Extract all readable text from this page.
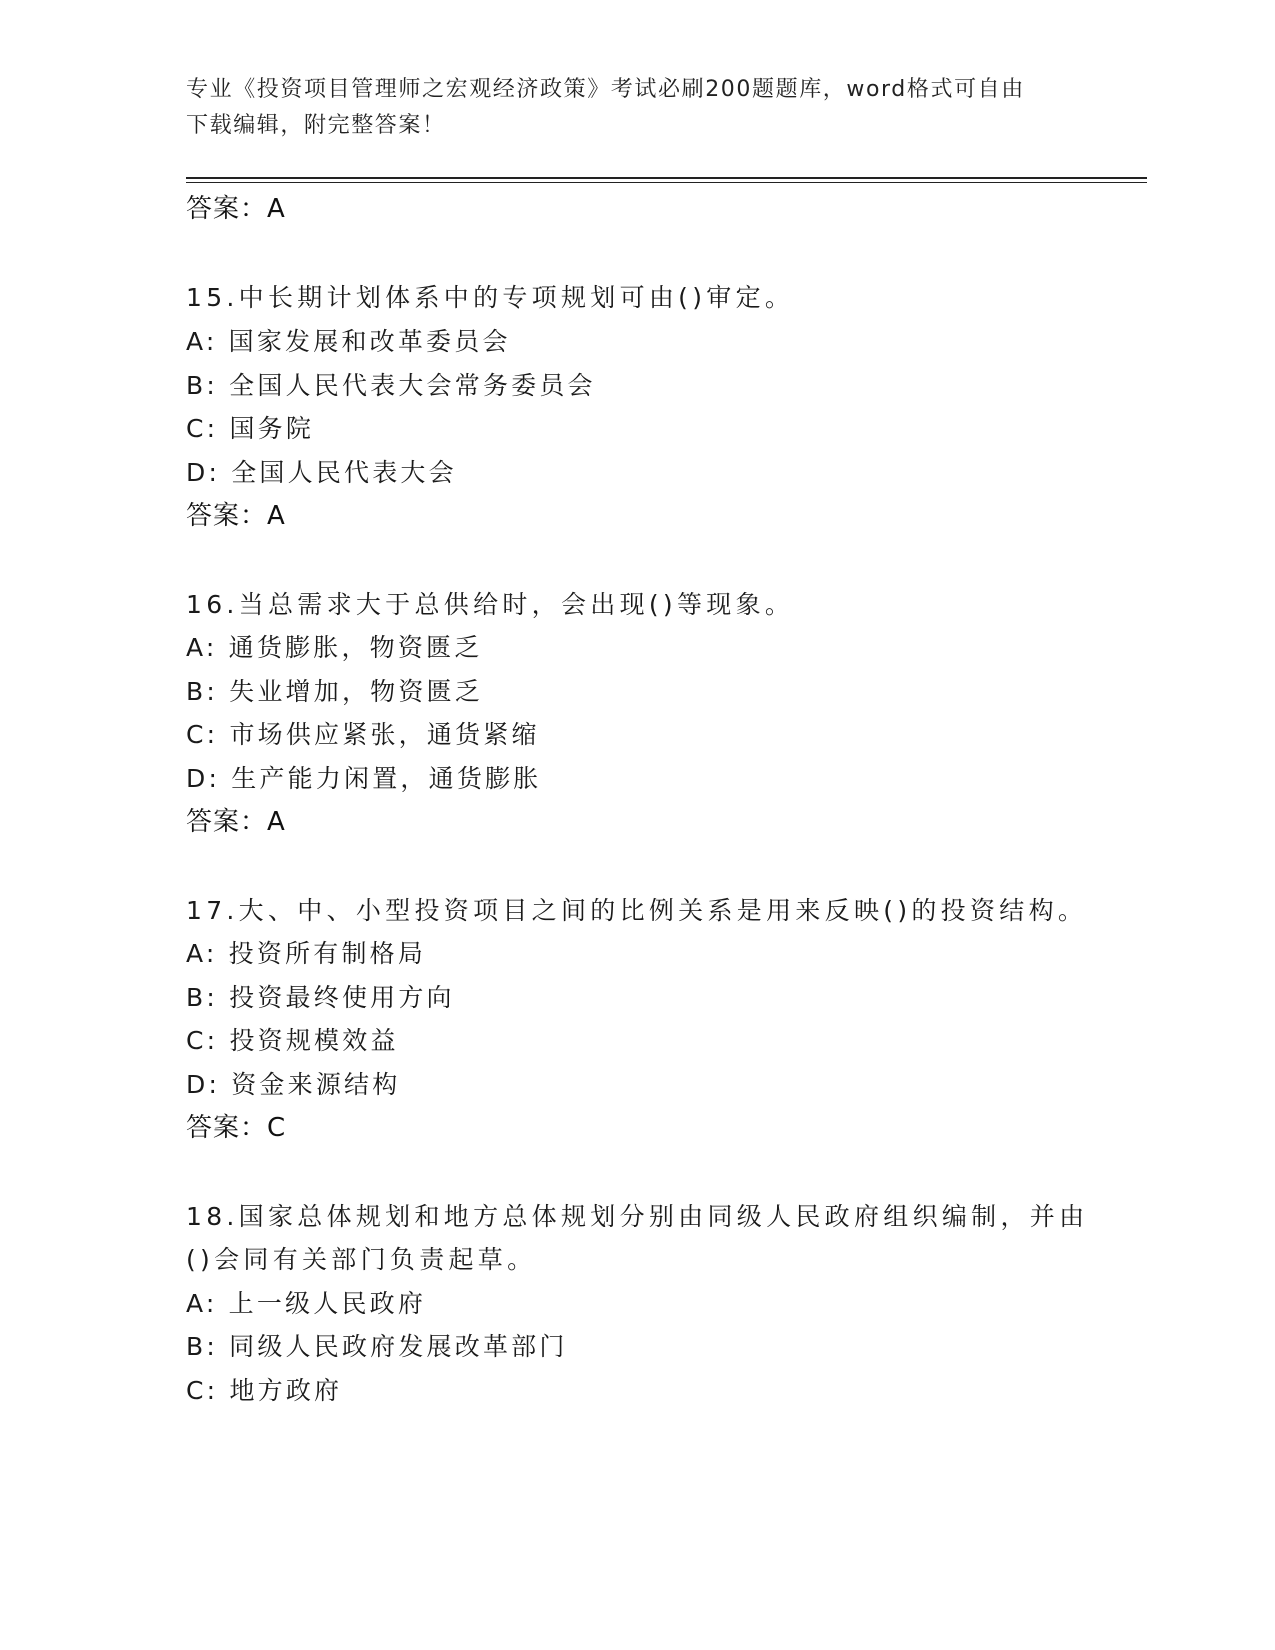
专业《投资项目管理师之宏观经济政策》考试必刷200题题库，word格式可自由
下载编辑，附完整答案！
答案：A
15.中长期计划体系中的专项规划可由()审定。
A: 国家发展和改革委员会
B: 全国人民代表大会常务委员会
C: 国务院
D: 全国人民代表大会
答案：A
16.当总需求大于总供给时，会出现()等现象。
A: 通货膨胀，物资匮乏
B: 失业增加，物资匮乏
C: 市场供应紧张，通货紧缩
D: 生产能力闲置，通货膨胀
答案：A
17.大、中、小型投资项目之间的比例关系是用来反映()的投资结构。
A: 投资所有制格局
B: 投资最终使用方向
C: 投资规模效益
D: 资金来源结构
答案：C
18.国家总体规划和地方总体规划分别由同级人民政府组织编制，并由
()会同有关部门负责起草。
A: 上一级人民政府
B: 同级人民政府发展改革部门
C: 地方政府
